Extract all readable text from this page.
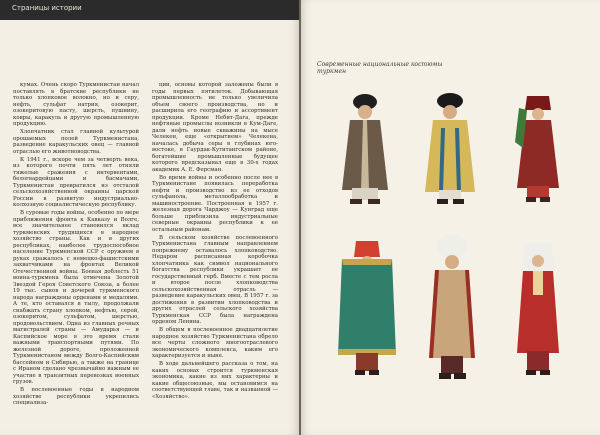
Страницы истории

кумах. Очень скоро Туркменистан начал поставлять в братские республики не только хлопковое волокно, но и серу, нефть, сульфат натрия, озокерит, озокеритовую пасту, шерсть, пушнину, ковры, каракуль и другую промышленную продукцию.

Хлопчатник стал главной культурой орошаемых полей Туркменистана, разведение каракульских овец — главной отраслью его животноводства.

К 1941 г., вскоре чем за четверть века, из которого почти пять лет отняли тяжелые сражения с интервентами, белогвардейцами и басмачами, Туркменистан превратился из отсталой сельскохозяйственной окраины царской России в развитую индустриально-колхозную социалистическую республику.

В суровые годы войны, особенно по мере приближения фронта к Кавказу и Волге, все значительнее становился вклад туркменских трудящихся в народное хозяйство страны. Как и в других республиках, наиболее трудоспособное население Туркменской ССР с оружием в руках сражалось с немецко-фашистскими захватчиками на фронтах Великой Отечественной войны. Боевая доблесть 51 воина-туркмена была отмечена Золотой Звездой Героя Советского Союза, а более 19 тыс. сынов и дочерей туркменского народа награждены орденами и медалями. А те, кто оставался в тылу, продолжали снабжать страну хлопком, нефтью, серой, озокеритом, сульфатом, шерстью, продовольствием. Одна из главных речных магистралей страны — Амударья — и Каспийское море в это время стали важными транспортными путями. По железной дороге, проложенной Туркменистаном между Волго-Каспийским бассейном и Сибирью, а также на границе с Ираном сделано чрезвычайно важным ее участие в транзитных перевозках военных грузов.

В послевоенные годы в народном хозяйстве республики укрепились специализа-

ции, основы которой заложены были в годы первых пятилеток. Добывающая промышленность не только увеличила объем своего производства, но и расширила его географию и ассортимент продукции. Кроме Небит-Дага, прежде нефтяные промыслы возникли в Кум-Даге, дали нефть новые скважины на мысе Челекен, еще «открытием» Челекена, началась добыча серы в глубинах юго-востоке, в Гаурдак-Кугитангском районе, богатейшие промышленные будущее которого предсказывал еще в 30-х годах академик А. Е. Ферсман.

Во время войны и особенно после нее в Туркменистане появилась переработка нефти и производство из ее отходов сульфанола, металлообработка и машиностроение. Построенная в 1957 г. железная дорога Чарджоу — Кунград еще больше приблизила индустриальные северные окраины республики к ее остальным районам.

В сельском хозяйстве послевоенного Туркменистана главным направлением попрежнему оставалось хлопководство. Недаром расписанная коробочка хлопчатника как символ национального богатства республики украшает ее государственный герб. Вместе с тем росла и второе после хлопководства сельскохозяйственная отрасль — разведение каракульских овец. В 1957 г. за достижения в развитии хлопководства и других отраслей сельского хозяйства Туркменская ССР была награждена орденом Ленина.

В общем в послевоенное двадцатилетие народное хозяйство Туркменистана обрело все черты сложного многоотраслевого экономического комплекса, каким его характеризуется и ныне.

В ходе дальнейшего рассказа о том, на каких основах строится туркменская экономика, какие из них характерны и какие общесоюзные, мы остановимся на соответствующей главе, так и названной — «Хозяйство».

Современные национальные костюмы туркмен
